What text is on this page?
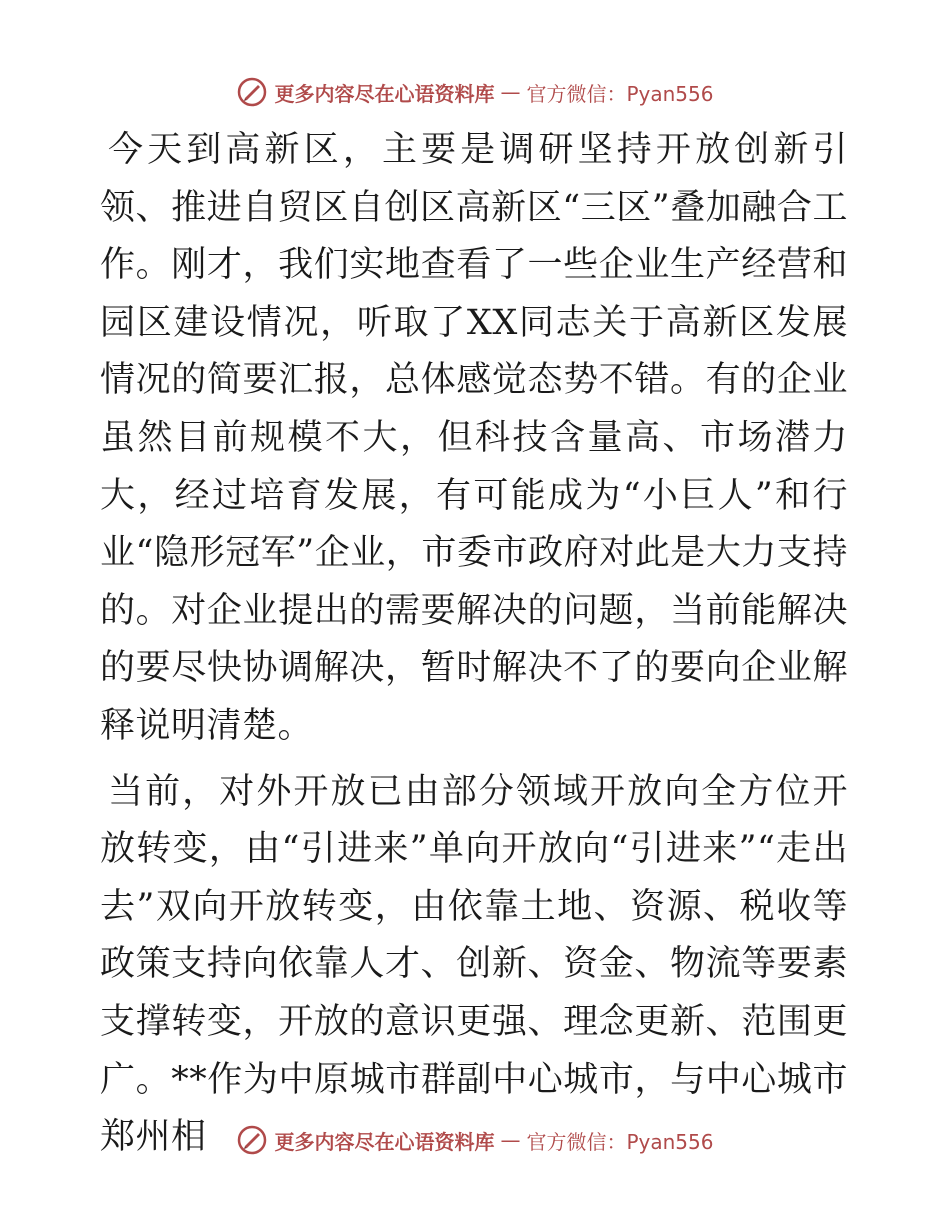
更多内容尽在心语资料库 — 官方微信：Pyan556

今天到高新区，主要是调研坚持开放创新引领、推进自贸区自创区高新区“三区”叠加融合工作。刚才，我们实地查看了一些企业生产经营和园区建设情况，听取了XX同志关于高新区发展情况的简要汇报，总体感觉态势不错。有的企业虽然目前规模不大，但科技含量高、市场潜力大，经过培育发展，有可能成为“小巨人”和行业“隐形冠军”企业，市委市政府对此是大力支持的。对企业提出的需要解决的问题，当前能解决的要尽快协调解决，暂时解决不了的要向企业解释说明清楚。

当前，对外开放已由部分领域开放向全方位开放转变，由“引进来”单向开放向“引进来”“走出去”双向开放转变，由依靠土地、资源、税收等政策支持向依靠人才、创新、资金、物流等要素支撑转变，开放的意识更强、理念更新、范围更广。**作为中原城市群副中心城市，与中心城市郑州相	更多内容尽在心语资料库 — 官方微信：Pyan556
